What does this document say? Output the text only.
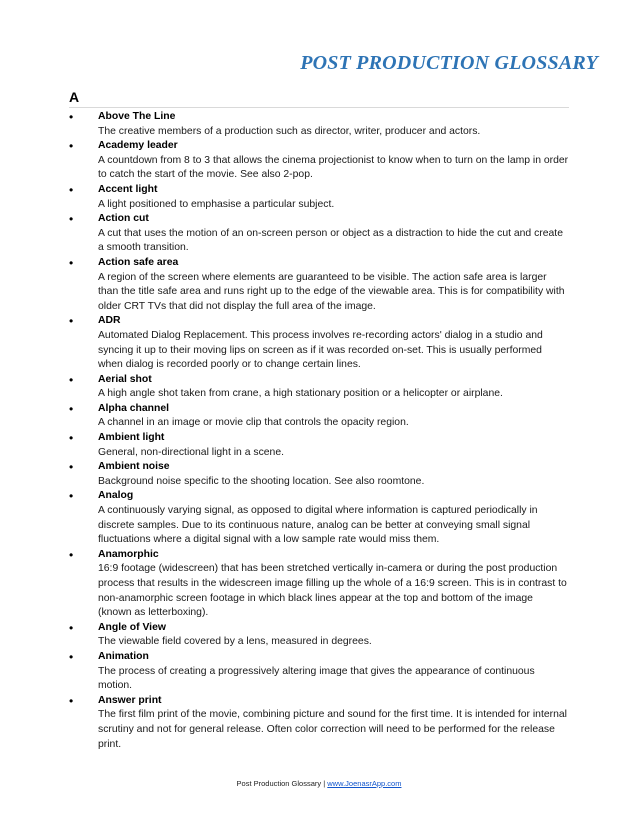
POST PRODUCTION GLOSSARY
A
• Above The Line
The creative members of a production such as director, writer, producer and actors.
• Academy leader
A countdown from 8 to 3 that allows the cinema projectionist to know when to turn on the lamp in order to catch the start of the movie. See also 2-pop.
• Accent light
A light positioned to emphasise a particular subject.
• Action cut
A cut that uses the motion of an on-screen person or object as a distraction to hide the cut and create a smooth transition.
• Action safe area
A region of the screen where elements are guaranteed to be visible. The action safe area is larger than the title safe area and runs right up to the edge of the viewable area. This is for compatibility with older CRT TVs that did not display the full area of the image.
• ADR
Automated Dialog Replacement. This process involves re-recording actors' dialog in a studio and syncing it up to their moving lips on screen as if it was recorded on-set. This is usually performed when dialog is recorded poorly or to change certain lines.
• Aerial shot
A high angle shot taken from crane, a high stationary position or a helicopter or airplane.
• Alpha channel
A channel in an image or movie clip that controls the opacity region.
• Ambient light
General, non-directional light in a scene.
• Ambient noise
Background noise specific to the shooting location. See also roomtone.
• Analog
A continuously varying signal, as opposed to digital where information is captured periodically in discrete samples. Due to its continuous nature, analog can be better at conveying small signal fluctuations where a digital signal with a low sample rate would miss them.
• Anamorphic
16:9 footage (widescreen) that has been stretched vertically in-camera or during the post production process that results in the widescreen image filling up the whole of a 16:9 screen. This is in contrast to non-anamorphic screen footage in which black lines appear at the top and bottom of the image (known as letterboxing).
• Angle of View
The viewable field covered by a lens, measured in degrees.
• Animation
The process of creating a progressively altering image that gives the appearance of continuous motion.
• Answer print
The first film print of the movie, combining picture and sound for the first time. It is intended for internal scrutiny and not for general release. Often color correction will need to be performed for the release print.
Post Production Glossary | www.JoenasrApp.com
